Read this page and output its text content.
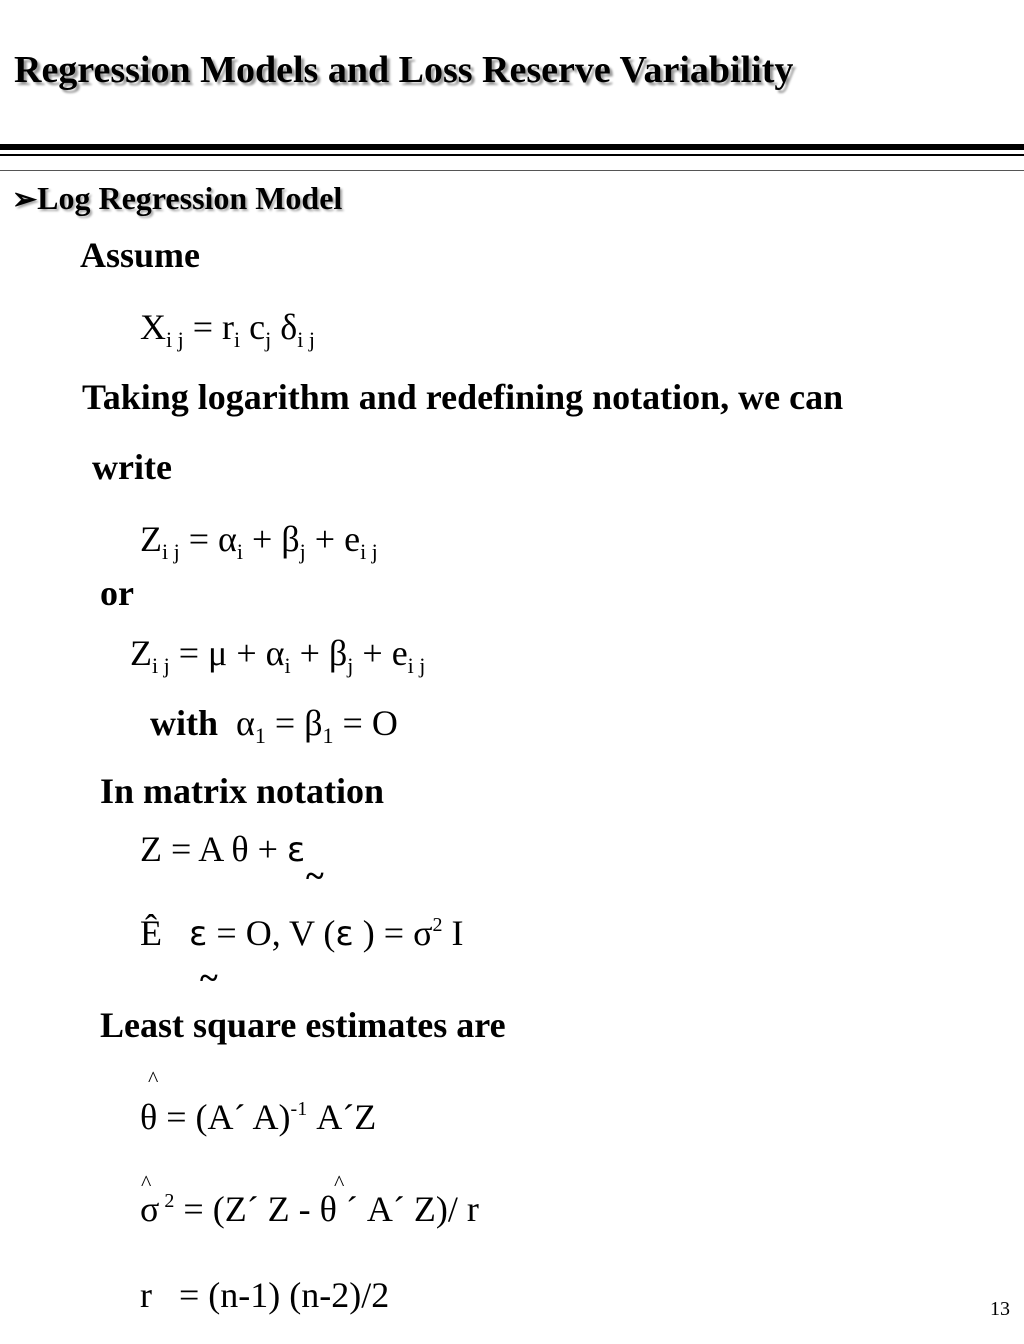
Regression Models and Loss Reserve Variability
➢Log Regression Model
Assume
$X_{i j} = r_i$ $c_j$ $\delta_{i j}$
Taking logarithm and redefining notation, we can
write
$Z_{i j} = \alpha_i + \beta_j + e_{i j}$
or
$Z_{i j} = \mu + \alpha_i + \beta_j + e_{i j}$
with $\alpha_1 = \beta_1 = O$
In matrix notation
Z = A θ + ε
~
Ê ε = O, V (ε ) = $\sigma^2$ I
~
Least square estimates are
^
θ = (A´ A)$^{-1}$ A´Z
^	^
σ $^2$ = (Z´ Z - θ ´ A´ Z)/ r
r   = (n-1) (n-2)/2	13
